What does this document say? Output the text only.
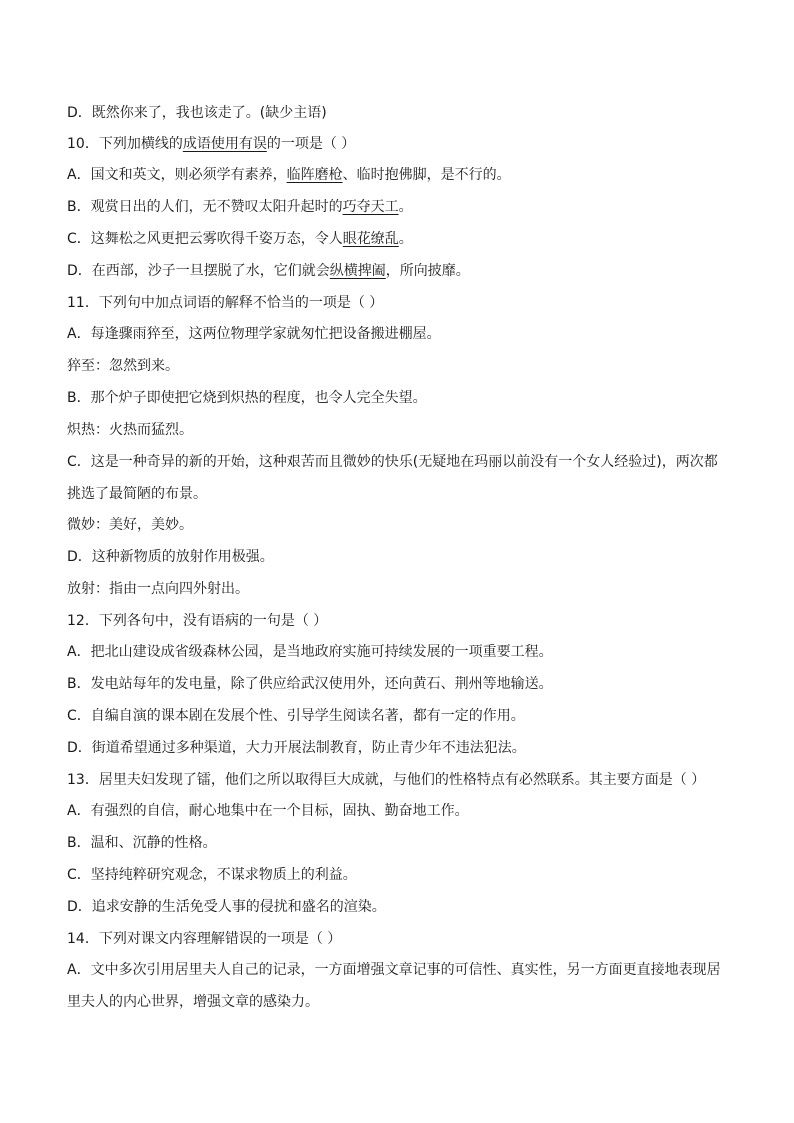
D．既然你来了，我也该走了。(缺少主语)
10．下列加横线的成语使用有误的一项是（ ）
A．国文和英文，则必须学有素养，临阵磨枪、临时抱佛脚，是不行的。
B．观赏日出的人们，无不赞叹太阳升起时的巧夺天工。
C．这舞松之风更把云雾吹得千姿万态，令人眼花缭乱。
D．在西部，沙子一旦摆脱了水，它们就会纵横捭阖，所向披靡。
11．下列句中加点词语的解释不恰当的一项是（ ）
A．每逢骤雨猝至，这两位物理学家就匆忙把设备搬进棚屋。
猝至：忽然到来。
B．那个炉子即使把它烧到炽热的程度，也令人完全失望。
炽热：火热而猛烈。
C．这是一种奇异的新的开始，这种艰苦而且微妙的快乐(无疑地在玛丽以前没有一个女人经验过)，两次都
挑选了最简陋的布景。
微妙：美好，美妙。
D．这种新物质的放射作用极强。
放射：指由一点向四外射出。
12．下列各句中，没有语病的一句是（ ）
A．把北山建设成省级森林公园，是当地政府实施可持续发展的一项重要工程。
B．发电站每年的发电量，除了供应给武汉使用外，还向黄石、荆州等地输送。
C．自编自演的课本剧在发展个性、引导学生阅读名著，都有一定的作用。
D．街道希望通过多种渠道，大力开展法制教育，防止青少年不违法犯法。
13．居里夫妇发现了镭，他们之所以取得巨大成就，与他们的性格特点有必然联系。其主要方面是（ ）
A．有强烈的自信，耐心地集中在一个目标，固执、勤奋地工作。
B．温和、沉静的性格。
C．坚持纯粹研究观念，不谋求物质上的利益。
D．追求安静的生活免受人事的侵扰和盛名的渲染。
14．下列对课文内容理解错误的一项是（ ）
A．文中多次引用居里夫人自己的记录，一方面增强文章记事的可信性、真实性，另一方面更直接地表现居
里夫人的内心世界，增强文章的感染力。
